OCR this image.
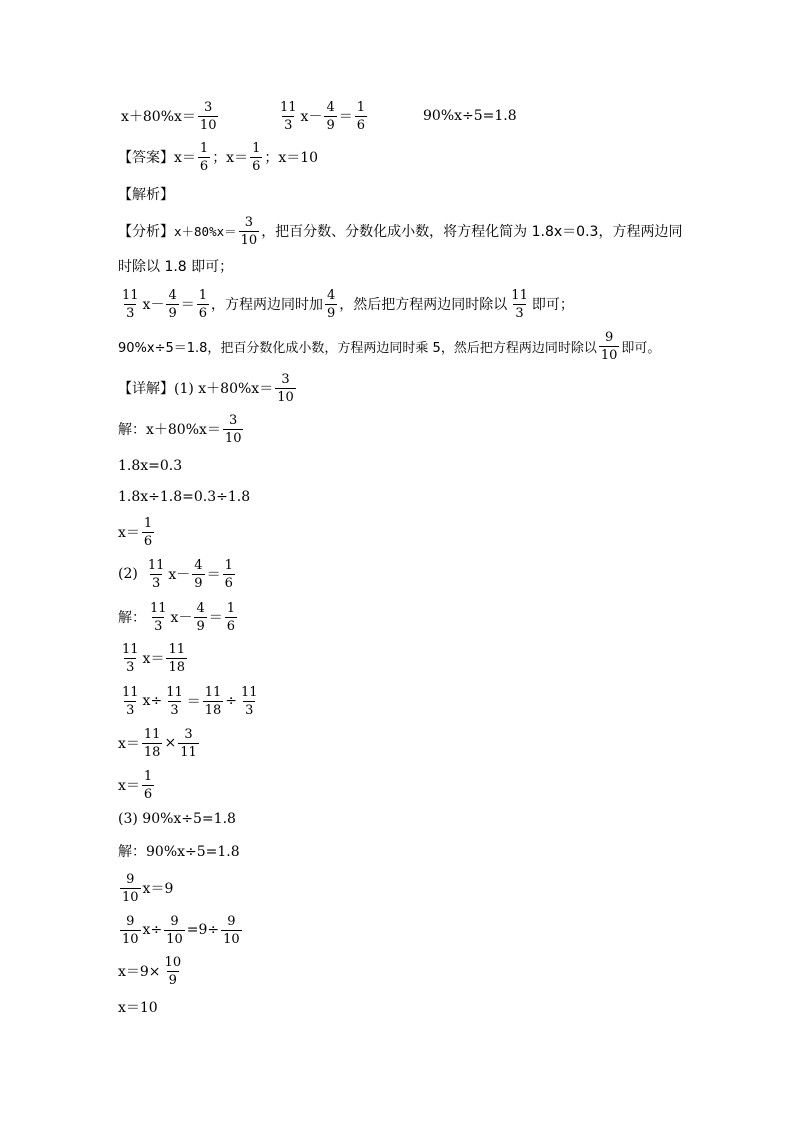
$x+80\%x= \frac{3}{10}$	$\frac{11}{3} x- \frac{4}{9} = \frac{1}{6}$	90%x÷5=1.8
【答案】 $x= \frac{1}{6}$ ；$x= \frac{1}{6}$ ；x＝10
【解析】
【分析】 $x+80\%x= \frac{3}{10}$ ，把百分数、分数化成小数，将方程化简为 1.8x＝0.3，方程两边同
时除以 1.8 即可；
$\frac{11}{3} x- \frac{4}{9} = \frac{1}{6}$ ，方程两边同时加 $\frac{4}{9}$ ，然后把方程两边同时除以 $\frac{11}{3}$ 即可；
90%x÷5＝1.8，把百分数化成小数，方程两边同时乘 5，然后把方程两边同时除以 $\frac{9}{10}$ 即可。
【详解】 (1) $x+80\%x= \frac{3}{10}$
解：$x+80\%x= \frac{3}{10}$
1.8x=0.3
1.8x÷1.8=0.3÷1.8
$x= \frac{1}{6}$
$(2) \frac{11}{3} x- \frac{4}{9} = \frac{1}{6}$
解： $\frac{11}{3} x- \frac{4}{9} = \frac{1}{6}$
$\frac{11}{3} x= \frac{11}{18}$
$\frac{11}{3} x\div \frac{11}{3} = \frac{11}{18} \div \frac{11}{3}$
$x= \frac{11}{18} \times \frac{3}{11}$
$x= \frac{1}{6}$
(3) 90%x÷5=1.8
解：90%x÷5=1.8
$\frac{9}{10} x=9$
$\frac{9}{10} x\div \frac{9}{10} =9\div \frac{9}{10}$
$x=9\times \frac{10}{9}$
x＝10
